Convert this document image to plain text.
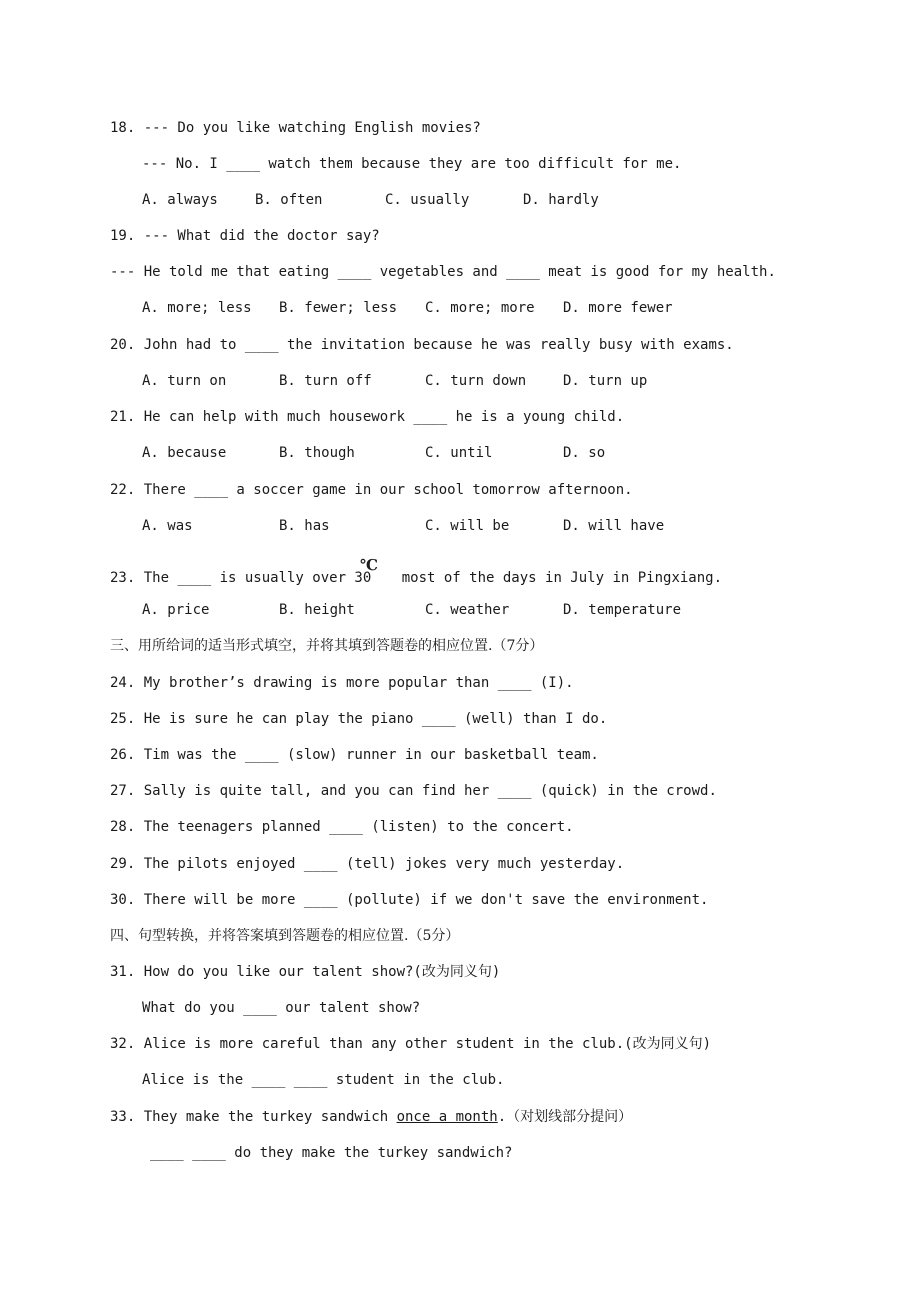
18. --- Do you like watching English movies?
--- No. I ____ watch them because they are too difficult for me.

A. always

	B. often

	C. usually

	D. hardly

19. --- What did the doctor say?
--- He told me that eating ____ vegetables and ____ meat is good for my health.

A. more; less

B. fewer; less

C. more; more

D. more fewer

20. John had to ____ the invitation because he was really busy with exams.

A. turn on

	B. turn off

	C. turn down

	D. turn up

21. He can help with much housework ____ he is a young child.

A. because

	B. though

	C. until

	D. so

22. There ____ a soccer game in our school tomorrow afternoon.

A. was

	B. has

	C. will be

	D. will have

23. The ____ is usually over 30 most of the days in July in Pingxiang.
℃

A. price

	B. height

	C. weather

	D. temperature

三、用所给词的适当形式填空，并将其填到答题卷的相应位置.（7分）
24. My brother’s drawing is more popular than ____ (I).
25. He is sure he can play the piano ____ (well) than I do.
26. Tim was the ____ (slow) runner in our basketball team.
27. Sally is quite tall, and you can find her ____ (quick) in the crowd.
28. The teenagers planned ____ (listen) to the concert.
29. The pilots enjoyed ____ (tell) jokes very much yesterday.
30. There will be more ____ (pollute) if we don't save the environment.
四、句型转换，并将答案填到答题卷的相应位置.（5分）
31. How do you like our talent show?(改为同义句)
What do you ____ our talent show?
32. Alice is more careful than any other student in the club.(改为同义句)
Alice is the ____ ____ student in the club.
33. They make the turkey sandwich once a month.（对划线部分提问）
____ ____ do they make the turkey sandwich?
